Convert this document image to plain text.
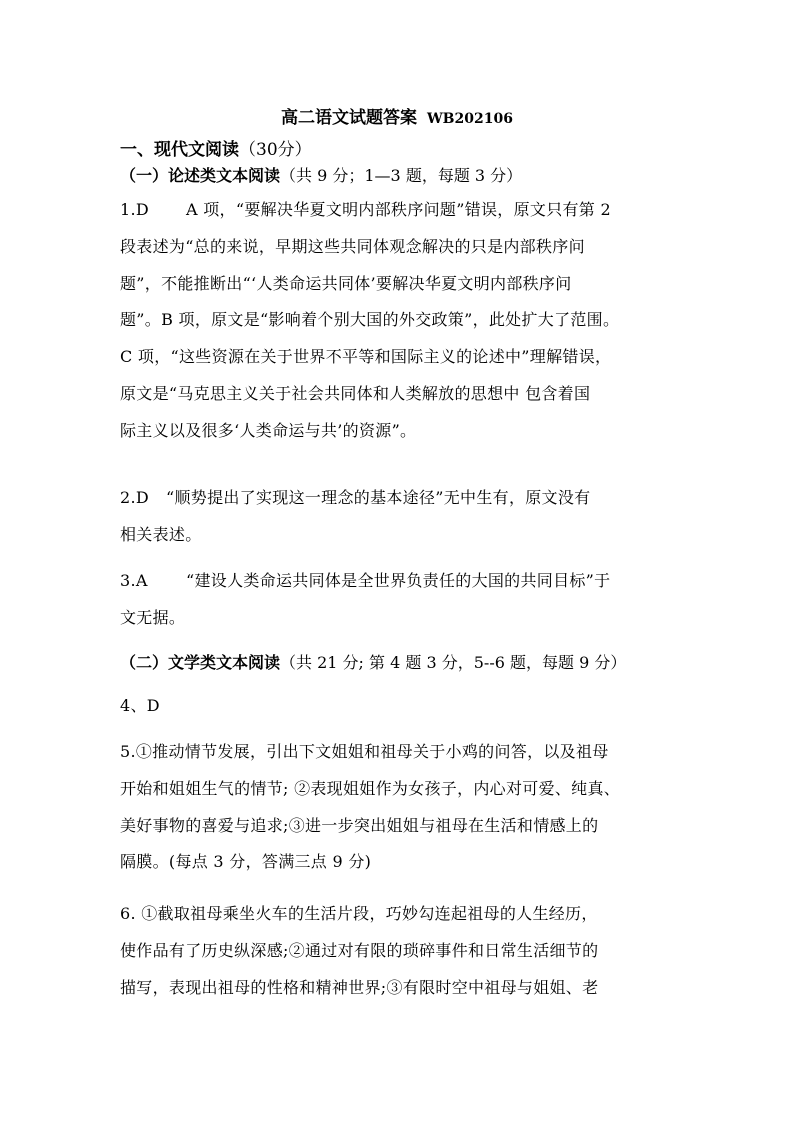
高二语文试题答案 WB202106
一、现代文阅读（30分）
（一）论述类文本阅读（共 9 分；1—3 题，每题 3 分）
1.D A 项，“要解决华夏文明内部秩序问题”错误，原文只有第 2
段表述为“总的来说，早期这些共同体观念解决的只是内部秩序问
题”，不能推断出“‘人类命运共同体’要解决华夏文明内部秩序问
题”。B 项，原文是“影响着个别大国的外交政策”，此处扩大了范围。
C 项，“这些资源在关于世界不平等和国际主义的论述中”理解错误，
原文是“马克思主义关于社会共同体和人类解放的思想中 包含着国
际主义以及很多‘人类命运与共’的资源”。
2.D “顺势提出了实现这一理念的基本途径”无中生有，原文没有
相关表述。
3.A “建设人类命运共同体是全世界负责任的大国的共同目标”于
文无据。
（二）文学类文本阅读（共 21 分; 第 4 题 3 分，5--6 题，每题 9 分）
4、D
5.①推动情节发展，引出下文姐姐和祖母关于小鸡的问答，以及祖母
开始和姐姐生气的情节; ②表现姐姐作为女孩子，内心对可爱、纯真、
美好事物的喜爱与追求;③进一步突出姐姐与祖母在生活和情感上的
隔膜。(每点 3 分，答满三点 9 分)
6. ①截取祖母乘坐火车的生活片段，巧妙勾连起祖母的人生经历，
使作品有了历史纵深感;②通过对有限的琐碎事件和日常生活细节的
描写，表现出祖母的性格和精神世界;③有限时空中祖母与姐姐、老
